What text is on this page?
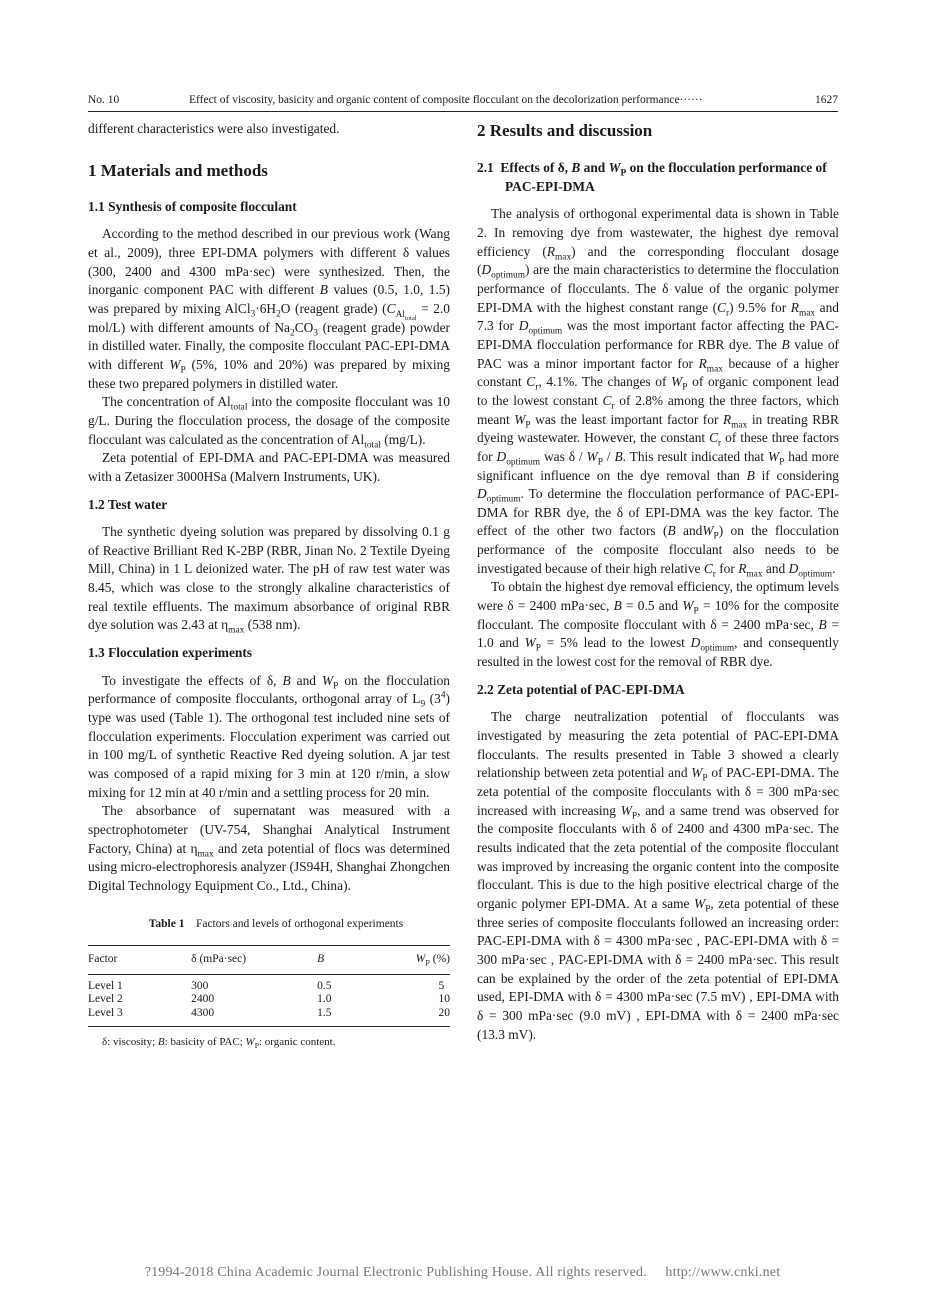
No. 10	Effect of viscosity, basicity and organic content of composite flocculant on the decolorization performance······	1627

different characteristics were also investigated.

1 Materials and methods
1.1 Synthesis of composite flocculant

According to the method described in our previous work (Wang et al., 2009), three EPI-DMA polymers with different δ values (300, 2400 and 4300 mPa·sec) were synthesized. Then, the inorganic component PAC with different B values (0.5, 1.0, 1.5) was prepared by mixing $AlCl_3\cdot 6H_2O$ (reagent grade) ($C_{Al_{total}} = 2.0$ mol/L) with different amounts of $Na_2CO_3$ (reagent grade) powder in distilled water. Finally, the composite flocculant PAC-EPI-DMA with different $W_P$ (5%, 10% and 20%) was prepared by mixing these two prepared polymers in distilled water.

The concentration of $Al_{total}$ into the composite flocculant was 10 g/L. During the flocculation process, the dosage of the composite flocculant was calculated as the concentration of $Al_{total}$ (mg/L).

Zeta potential of EPI-DMA and PAC-EPI-DMA was measured with a Zetasizer 3000HSa (Malvern Instruments, UK).

1.2 Test water

The synthetic dyeing solution was prepared by dissolving 0.1 g of Reactive Brilliant Red K-2BP (RBR, Jinan No. 2 Textile Dyeing Mill, China) in 1 L deionized water. The pH of raw test water was 8.45, which was close to the strongly alkaline characteristics of real textile effluents. The maximum absorbance of original RBR dye solution was 2.43 at $\eta_{max}$ (538 nm).

1.3 Flocculation experiments

To investigate the effects of δ, B and $W_P$ on the flocculation performance of composite flocculants, orthogonal array of $L_9$ $(3^4)$ type was used (Table 1). The orthogonal test included nine sets of flocculation experiments. Flocculation experiment was carried out in 100 mg/L of synthetic Reactive Red dyeing solution. A jar test was composed of a rapid mixing for 3 min at 120 r/min, a slow mixing for 12 min at 40 r/min and a settling process for 20 min.

The absorbance of supernatant was measured with a spectrophotometer (UV-754, Shanghai Analytical Instrument Factory, China) at $\eta_{max}$ and zeta potential of flocs was determined using micro-electrophoresis analyzer (JS94H, Shanghai Zhongchen Digital Technology Equipment Co., Ltd., China).

Table 1 Factors and levels of orthogonal experiments

Factor	δ (mPa·sec)	B	$W_P$ (%)
Level 1	300	0.5	5
Level 2	2400	1.0	10
Level 3	4300	1.5	20

δ: viscosity; B: basicity of PAC; $W_P$: organic content.

2 Results and discussion
2.1  Effects of δ, B and $W_P$ on the flocculation performance of PAC-EPI-DMA

The analysis of orthogonal experimental data is shown in Table 2. In removing dye from wastewater, the highest dye removal efficiency $(R_{max})$ and the corresponding flocculant dosage $(D_{optimum})$ are the main characteristics to determine the flocculation performance of flocculants. The δ value of the organic polymer EPI-DMA with the highest constant range $(C_r)$ 9.5% for $R_{max}$ and 7.3 for $D_{optimum}$ was the most important factor affecting the PAC-EPI-DMA flocculation performance for RBR dye. The B value of PAC was a minor important factor for $R_{max}$ because of a higher constant $C_r$, 4.1%. The changes of $W_P$ of organic component lead to the lowest constant $C_r$ of 2.8% among the three factors, which meant $W_P$ was the least important factor for $R_{max}$ in treating RBR dyeing wastewater. However, the constant $C_r$ of these three factors for $D_{optimum}$ was δ / $W_P$ / B. This result indicated that $W_P$ had more significant influence on the dye removal than B if considering $D_{optimum}$. To determine the flocculation performance of PAC-EPI-DMA for RBR dye, the δ of EPI-DMA was the key factor. The effect of the other two factors (B andW$_P$) on the flocculation performance of the composite flocculant also needs to be investigated because of their high relative $C_r$ for $R_{max}$ and $D_{optimum}$.

To obtain the highest dye removal efficiency, the optimum levels were δ = 2400 mPa·sec, B = 0.5 and $W_P = 10\%$ for the composite flocculant. The composite flocculant with δ = 2400 mPa·sec, B = 1.0 and $W_P = 5\%$ lead to the lowest $D_{optimum}$, and consequently resulted in the lowest cost for the removal of RBR dye.

2.2 Zeta potential of PAC-EPI-DMA

The charge neutralization potential of flocculants was investigated by measuring the zeta potential of PAC-EPI-DMA flocculants. The results presented in Table 3 showed a clearly relationship between zeta potential and $W_P$ of PAC-EPI-DMA. The zeta potential of the composite flocculants with δ = 300 mPa·sec increased with increasing $W_P$, and a same trend was observed for the composite flocculants with δ of 2400 and 4300 mPa·sec. The results indicated that the zeta potential of the composite flocculant was improved by increasing the organic content into the composite flocculant. This is due to the high positive electrical charge of the organic polymer EPI-DMA. At a same $W_P$, zeta potential of these three series of composite flocculants followed an increasing order: PAC-EPI-DMA with δ = 4300 mPa·sec , PAC-EPI-DMA with δ = 300 mPa·sec , PAC-EPI-DMA with δ = 2400 mPa·sec. This result can be explained by the order of the zeta potential of EPI-DMA used, EPI-DMA with δ = 4300 mPa·sec (7.5 mV) , EPI-DMA with δ = 300 mPa·sec (9.0 mV) , EPI-DMA with δ = 2400 mPa·sec (13.3 mV).

?1994-2018 China Academic Journal Electronic Publishing House. All rights reserved. http://www.cnki.net
